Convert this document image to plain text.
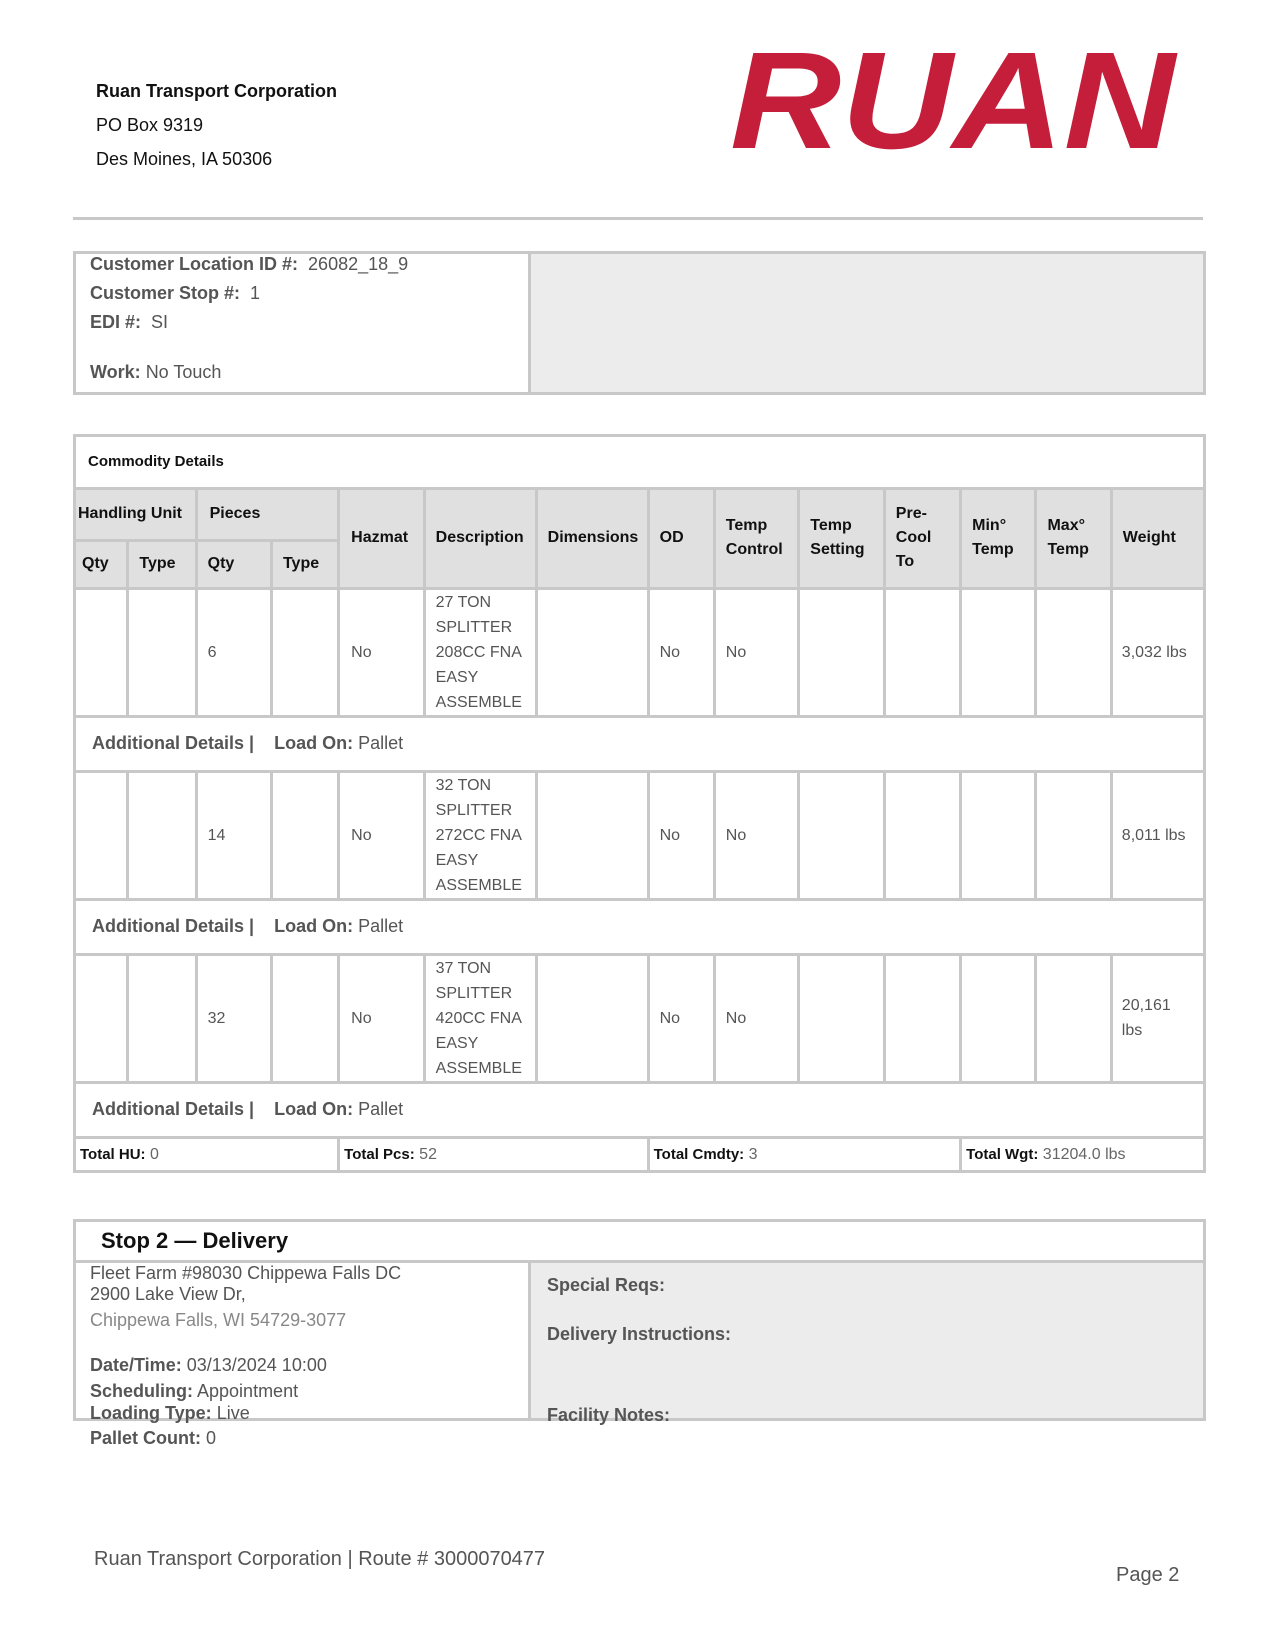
Ruan Transport Corporation
PO Box 9319
Des Moines, IA 50306	RUAN
Customer Location ID #: 26082_18_9
Customer Stop #: 1
EDI #: SI
Work: No Touch
Commodity Details
Handling Unit		Pieces		Hazmat	Description	Dimensions	OD	Temp Control	Temp Setting	Pre- Cool To	Min° Temp	Max° Temp	Weight
Qty	Type	Qty	Type										
		6		No	27 TON SPLITTER 208CC FNA EASY ASSEMBLE		No	No					3,032 lbs
Additional Details | Load On: Pallet													
		14		No	32 TON SPLITTER 272CC FNA EASY ASSEMBLE		No	No					8,011 lbs
Additional Details | Load On: Pallet													
		32		No	37 TON SPLITTER 420CC FNA EASY ASSEMBLE		No	No					20,161 lbs
Additional Details | Load On: Pallet													
Total HU: 0				Total Pcs: 52			Total Cmdty: 3				Total Wgt: 31204.0 lbs		
Stop 2 — Delivery
Fleet Farm #98030 Chippewa Falls DC
2900 Lake View Dr,
Chippewa Falls, WI 54729-3077
Date/Time: 03/13/2024 10:00
Scheduling: Appointment
Loading Type: Live
Pallet Count: 0
Special Reqs:
Delivery Instructions:
Facility Notes:
Ruan Transport Corporation | Route # 3000070477
Page 2
